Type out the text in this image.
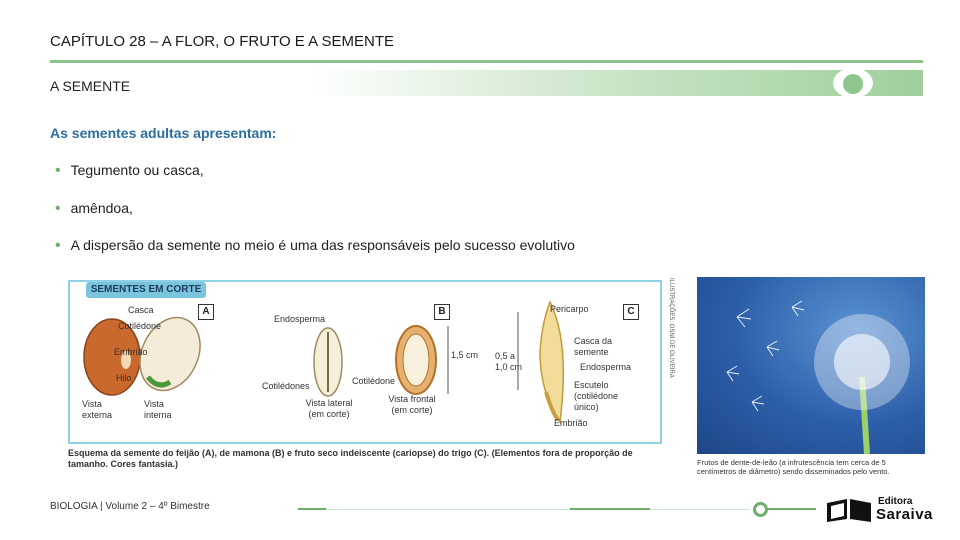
CAPÍTULO 28 – A FLOR, O FRUTO E A SEMENTE
A SEMENTE
As sementes adultas apresentam:
• Tegumento ou casca,
• amêndoa,
• A dispersão da semente no meio é uma das responsáveis pelo sucesso evolutivo
SEMENTES EM CORTE
A	B	C
Casca
Cotilédone
Embrião
Hilo
Vista externa
Vista interna
Endosperma
Cotilédones	Cotilédone
1,5 cm
Vista lateral (em corte)
Vista frontal (em corte)
Pericarpo
0,5 a 1,0 cm
Casca da semente
Endosperma
Escutelo (cotilédone único)
Embrião
ILUSTRAÇÕES: OSNI DE OLIVEIRA
Esquema da semente do feijão (A), de mamona (B) e fruto seco indeiscente (cariopse) do trigo (C). (Elementos fora de proporção de tamanho. Cores fantasia.)	Frutos de dente-de-leão (a infrutescência tem cerca de 5 centímetros de diâmetro) sendo disseminados pelo vento.
BIOLOGIA | Volume 2 – 4º Bimestre	Editora
Saraiva
